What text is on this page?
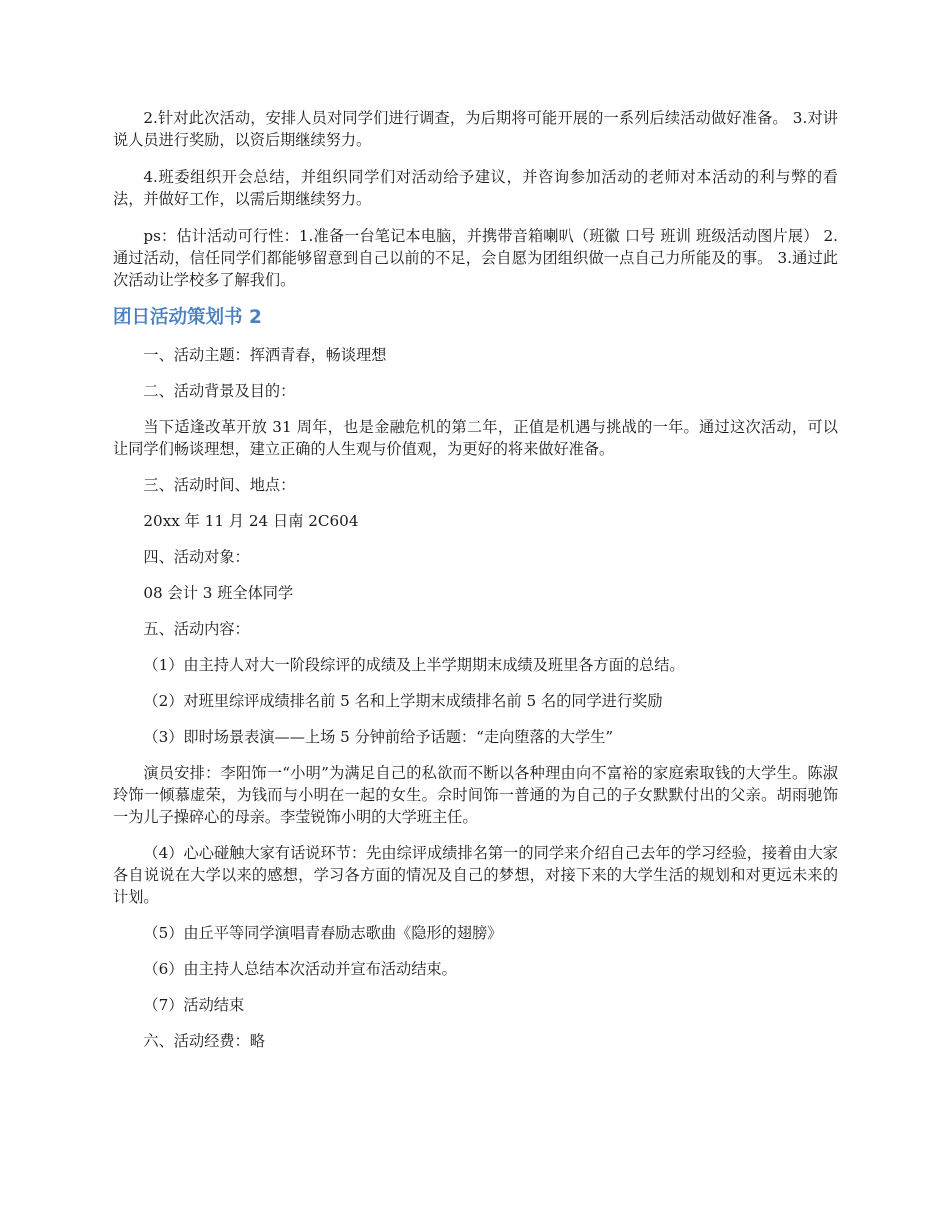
2.针对此次活动，安排人员对同学们进行调查，为后期将可能开展的一系列后续活动做好准备。 3.对讲说人员进行奖励，以资后期继续努力。

4.班委组织开会总结，并组织同学们对活动给予建议，并咨询参加活动的老师对本活动的利与弊的看法，并做好工作，以需后期继续努力。

ps：估计活动可行性：1.准备一台笔记本电脑，并携带音箱喇叭（班徽 口号 班训 班级活动图片展） 2.通过活动，信任同学们都能够留意到自己以前的不足，会自愿为团组织做一点自己力所能及的事。 3.通过此次活动让学校多了解我们。

团日活动策划书 2

一、活动主题：挥洒青春，畅谈理想

二、活动背景及目的：

当下适逢改革开放 31 周年，也是金融危机的第二年，正值是机遇与挑战的一年。通过这次活动，可以让同学们畅谈理想，建立正确的人生观与价值观，为更好的将来做好准备。

三、活动时间、地点：

20xx 年 11 月 24 日南 2C604

四、活动对象：

08 会计 3 班全体同学

五、活动内容：

（1）由主持人对大一阶段综评的成绩及上半学期期末成绩及班里各方面的总结。

（2）对班里综评成绩排名前 5 名和上学期末成绩排名前 5 名的同学进行奖励

（3）即时场景表演——上场 5 分钟前给予话题：“走向堕落的大学生”

演员安排：李阳饰一“小明”为满足自己的私欲而不断以各种理由向不富裕的家庭索取钱的大学生。陈淑玲饰一倾慕虚荣，为钱而与小明在一起的女生。佘时间饰一普通的为自己的子女默默付出的父亲。胡雨驰饰一为儿子操碎心的母亲。李莹锐饰小明的大学班主任。

（4）心心碰触大家有话说环节：先由综评成绩排名第一的同学来介绍自己去年的学习经验，接着由大家各自说说在大学以来的感想，学习各方面的情况及自己的梦想，对接下来的大学生活的规划和对更远未来的计划。

（5）由丘平等同学演唱青春励志歌曲《隐形的翅膀》

（6）由主持人总结本次活动并宣布活动结束。

（7）活动结束

六、活动经费：略
